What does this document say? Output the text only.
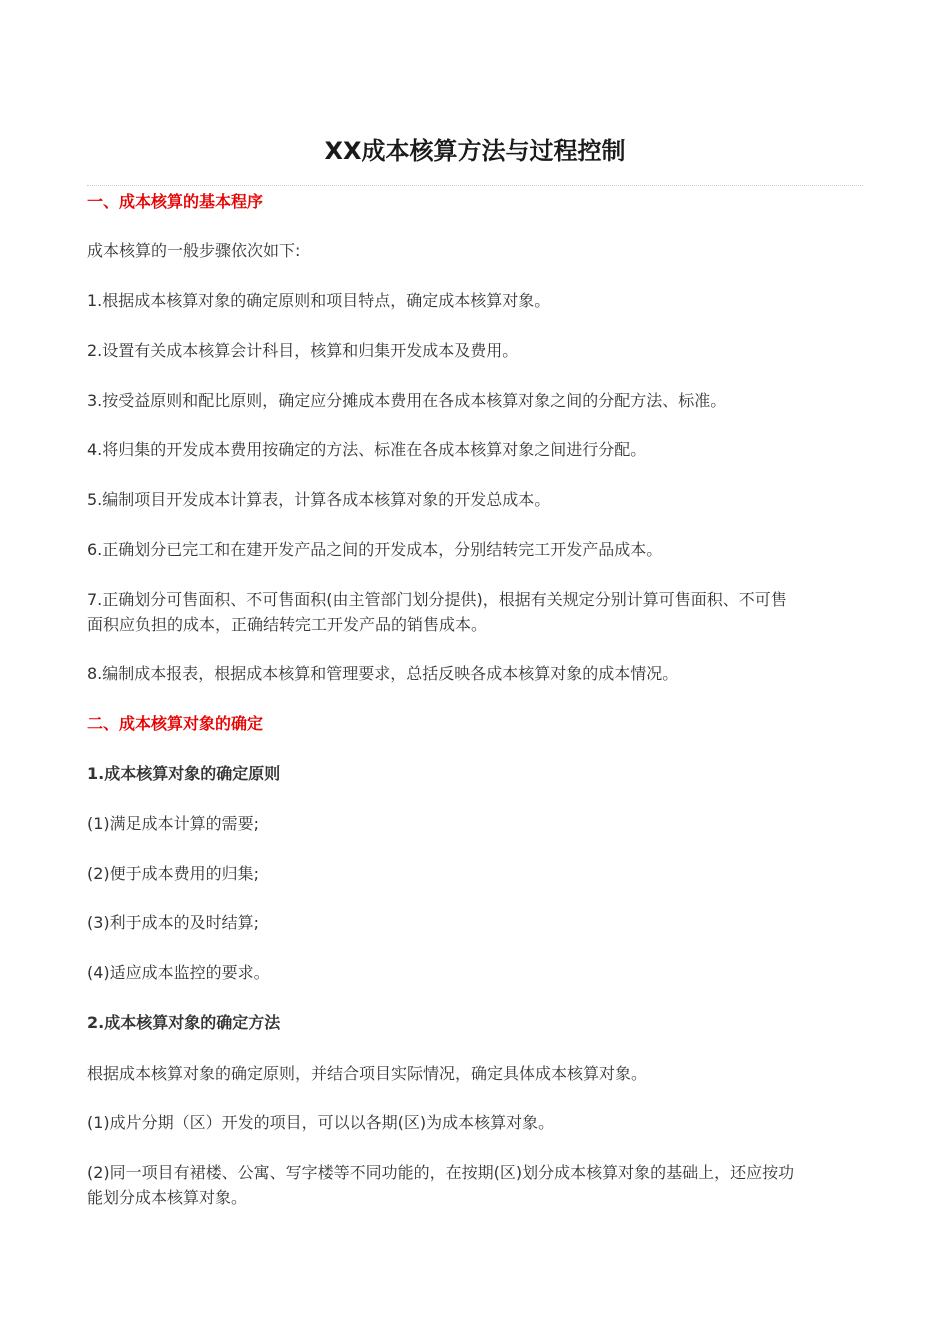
XX成本核算方法与过程控制
一、成本核算的基本程序
成本核算的一般步骤依次如下:
1.根据成本核算对象的确定原则和项目特点，确定成本核算对象。
2.设置有关成本核算会计科目，核算和归集开发成本及费用。
3.按受益原则和配比原则，确定应分摊成本费用在各成本核算对象之间的分配方法、标准。
4.将归集的开发成本费用按确定的方法、标准在各成本核算对象之间进行分配。
5.编制项目开发成本计算表，计算各成本核算对象的开发总成本。
6.正确划分已完工和在建开发产品之间的开发成本，分别结转完工开发产品成本。
7.正确划分可售面积、不可售面积(由主管部门划分提供)，根据有关规定分别计算可售面积、不可售
面积应负担的成本，正确结转完工开发产品的销售成本。
8.编制成本报表，根据成本核算和管理要求，总括反映各成本核算对象的成本情况。
二、成本核算对象的确定
1.成本核算对象的确定原则
(1)满足成本计算的需要;
(2)便于成本费用的归集;
(3)利于成本的及时结算;
(4)适应成本监控的要求。
2.成本核算对象的确定方法
根据成本核算对象的确定原则，并结合项目实际情况，确定具体成本核算对象。
(1)成片分期（区）开发的项目，可以以各期(区)为成本核算对象。
(2)同一项目有裙楼、公寓、写字楼等不同功能的，在按期(区)划分成本核算对象的基础上，还应按功
能划分成本核算对象。
